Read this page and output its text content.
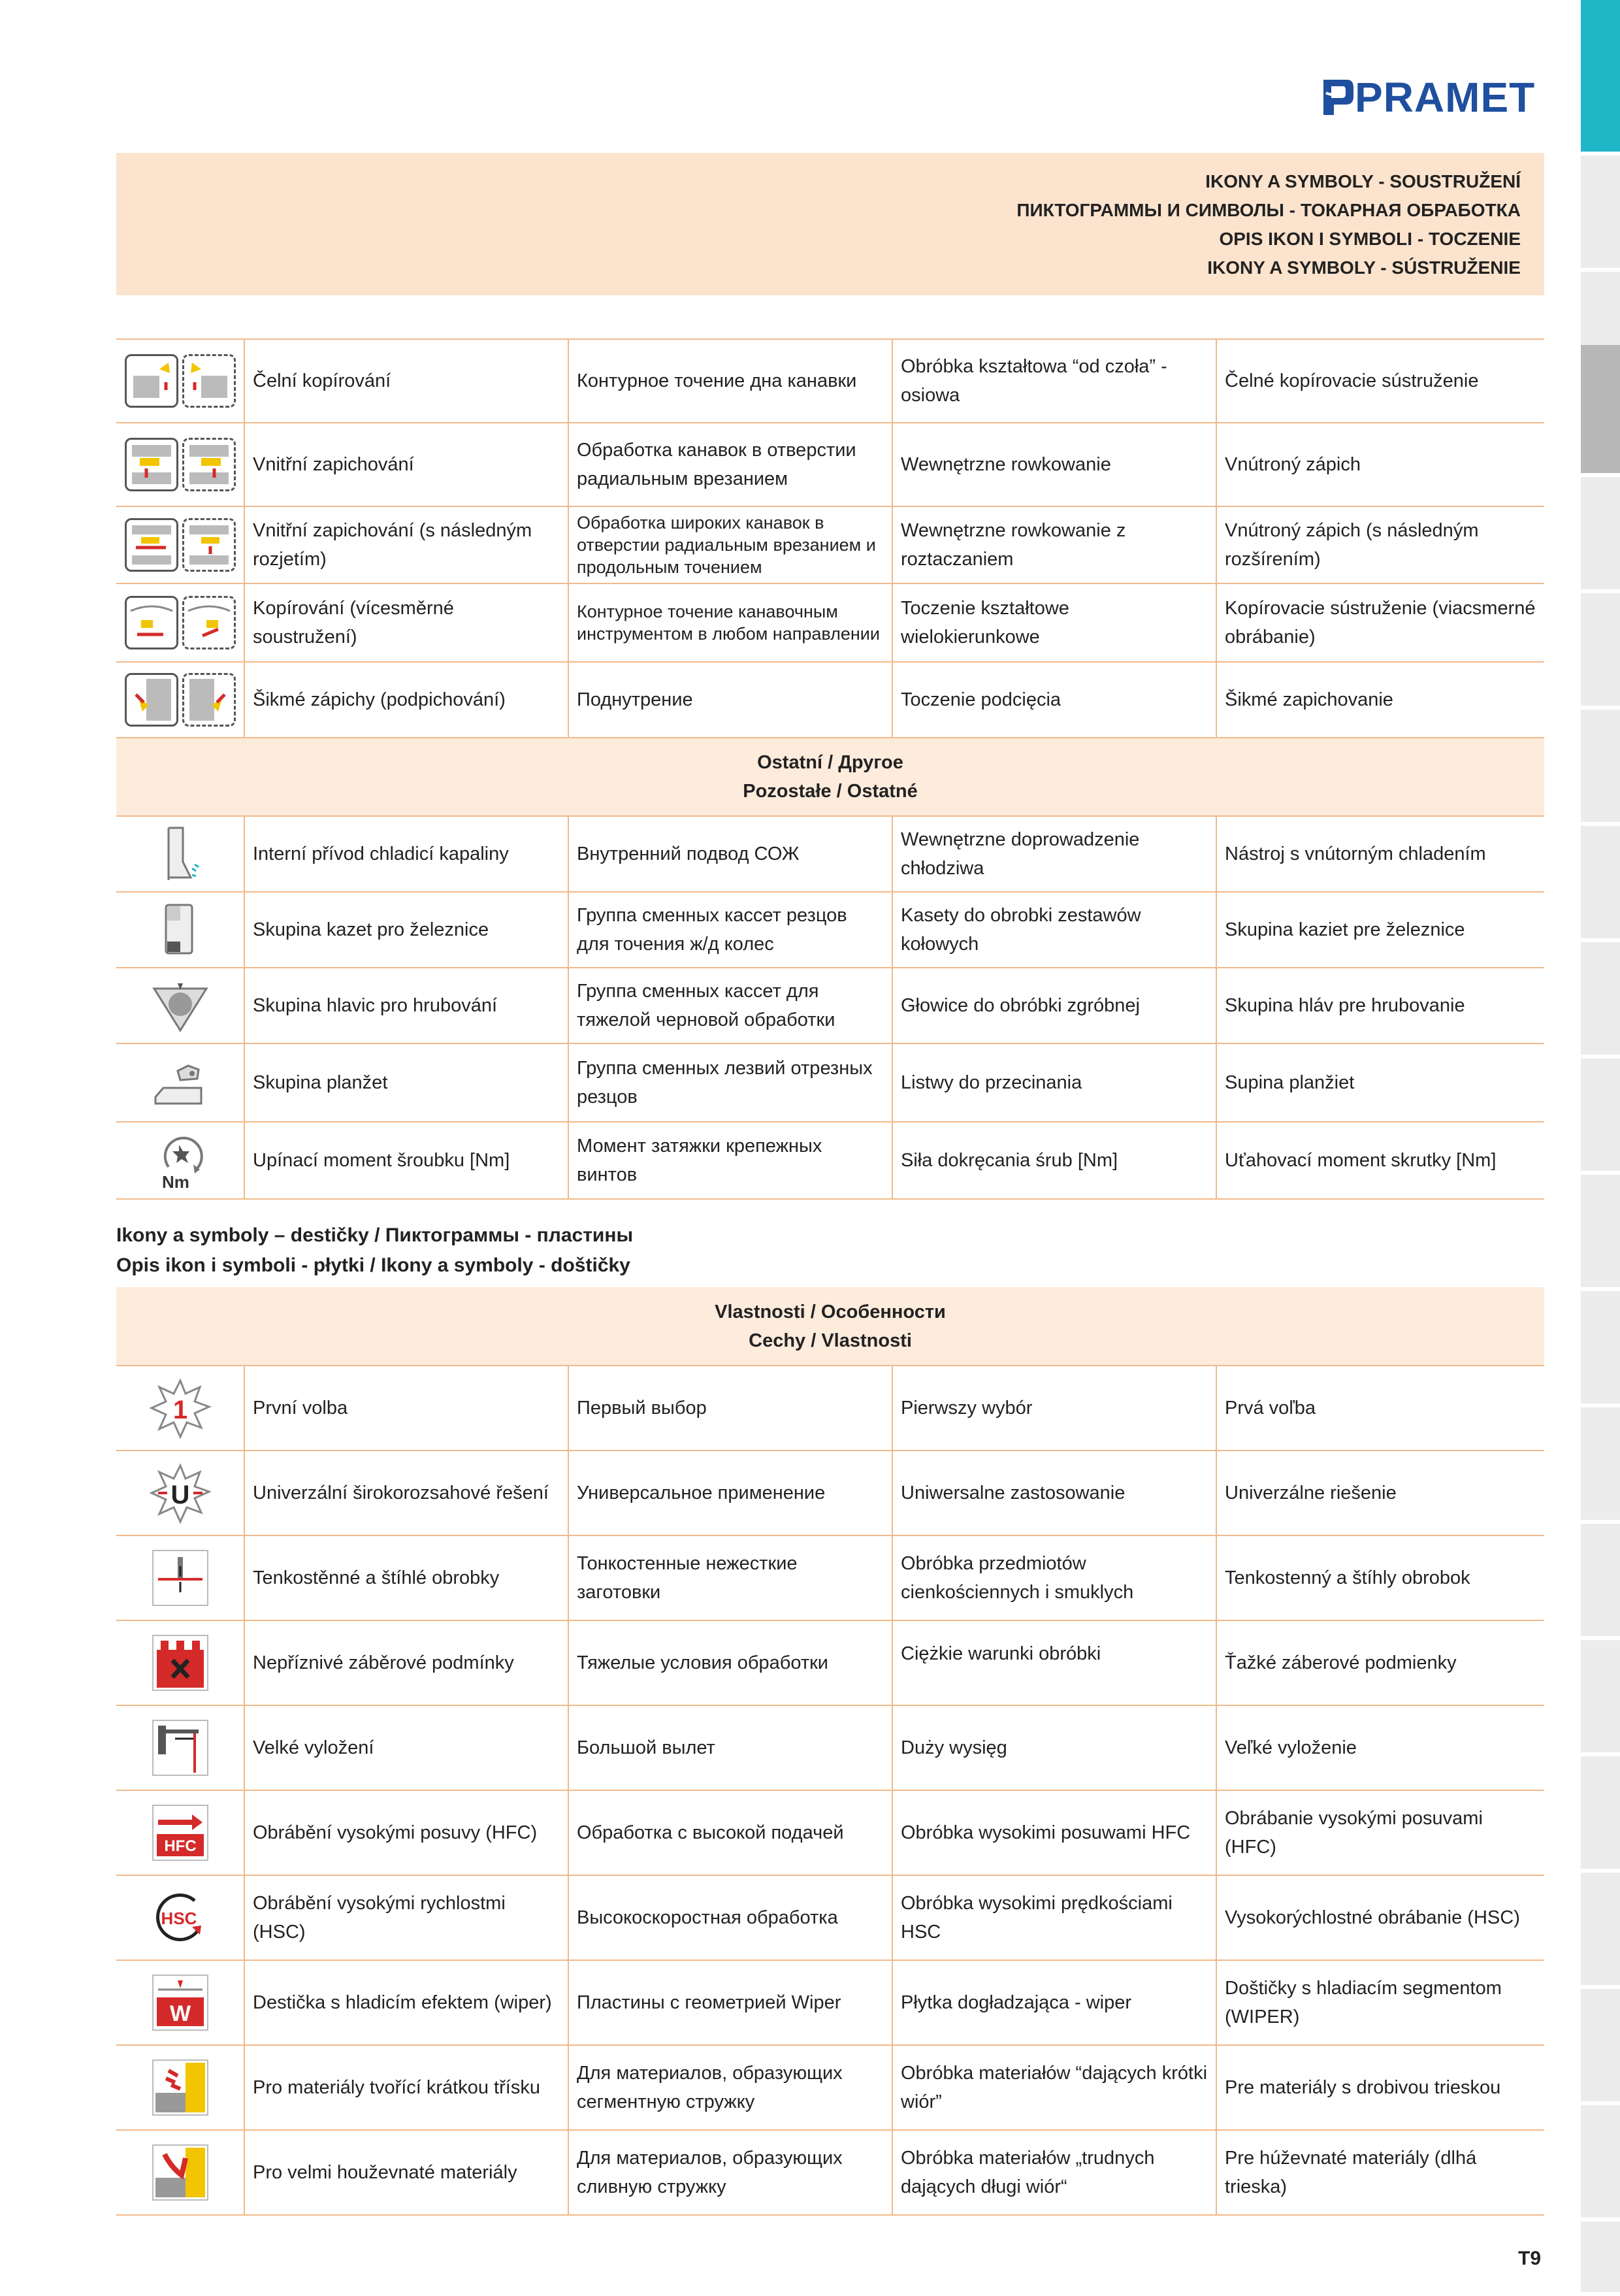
PRAMET
IKONY A SYMBOLY - SOUSTRUŽENÍ
ПИКТОГРАММЫ И СИМВОЛЫ - ТОКАРНАЯ ОБРАБОТКА
OPIS IKON I SYMBOLI - TOCZENIE
IKONY A SYMBOLY - SÚSTRUŽENIE
	Čelní kopírování	Контурное точение дна канавки	Obróbka kształtowa “od czoła” - osiowa	Čelné kopírovacie sústruženie

	Vnitřní zapichování	Обработка канавок в отверстии радиальным врезанием	Wewnętrzne rowkowanie	Vnútroný zápich

	Vnitřní zapichování (s následným rozjetím)	Обработка широких канавок в отверстии радиальным врезанием и продольным точением	Wewnętrzne rowkowanie z roztaczaniem	Vnútroný zápich (s následným rozšírením)

	Kopírování (vícesměrné soustružení)	Контурное точение канавочным инструментом в любом направлении	Toczenie kształtowe wielokierunkowe	Kopírovacie sústruženie (viacsmerné obrábanie)

	Šikmé zápichy (podpichování)	Поднутрение	Toczenie podcięcia	Šikmé zapichovanie

Ostatní / Другое
Pozostałe / Ostatné				

	Interní přívod chladicí kapaliny	Внутренний подвод СОЖ	Wewnętrzne doprowadzenie chłodziwa	Nástroj s vnútorným chladením
	Skupina kazet pro železnice	Группа сменных кассет резцов для точения ж/д колес	Kasety do obrobki zestawów kołowych	Skupina kaziet pre železnice
	Skupina hlavic pro hrubování	Группа сменных кассет для тяжелой черновой обработки	Głowice do obróbki zgróbnej	Skupina hláv pre hrubovanie
	Skupina planžet	Группа сменных лезвий отрезных резцов	Listwy do przecinania	Supina planžiet

Nm	Upínací moment šroubku [Nm]	Момент затяжки крепежных винтов	Siła dokręcania śrub [Nm]	Uťahovací moment skrutky [Nm]
Ikony a symboly – destičky / Пиктограммы - пластины
Opis ikon i symboli - płytki / Ikony a symboly - doštičky
Vlastnosti / Особенности
Cechy / Vlastnosti				

1	První volba	Первый выбор	Pierwszy wybór	Prvá voľba

U	Univerzální širokorozsahové řešení	Универсальное применение	Uniwersalne zastosowanie	Univerzálne riešenie
	Tenkostěnné a štíhlé obrobky	Тонкостенные нежесткие заготовки	Obróbka przedmiotów cienkościennych i smuklych	Tenkostenný a štíhly obrobok
	Nepříznivé záběrové podmínky	Тяжелые условия обработки	Ciężkie warunki obróbki	Ťažké záberové podmienky
	Velké vyložení	Большой вылет	Duży wysięg	Veľké vyloženie

HFC	Obrábění vysokými posuvy (HFC)	Обработка с высокой подачей	Obróbka wysokimi posuwami HFC	Obrábanie vysokými posuvami (HFC)

HSC	Obrábění vysokými rychlostmi (HSC)	Высокоскоростная обработка	Obróbka wysokimi prędkościami HSC	Vysokorýchlostné obrábanie (HSC)

W	Destička s hladicím efektem (wiper)	Пластины с геометрией Wiper	Płytka dogładzająca - wiper	Doštičky s hladiacím segmentom (WIPER)
	Pro materiály tvořící krátkou třísku	Для материалов, образующих сегментную стружку	Obróbka materiałów “dających krótki wiór”	Pre materiály s drobivou trieskou
	Pro velmi houževnaté materiály	Для материалов, образующих сливную стружку	Obróbka materiałów „trudnych dających długi wiór“	Pre húževnaté materiály (dlhá trieska)
T9
